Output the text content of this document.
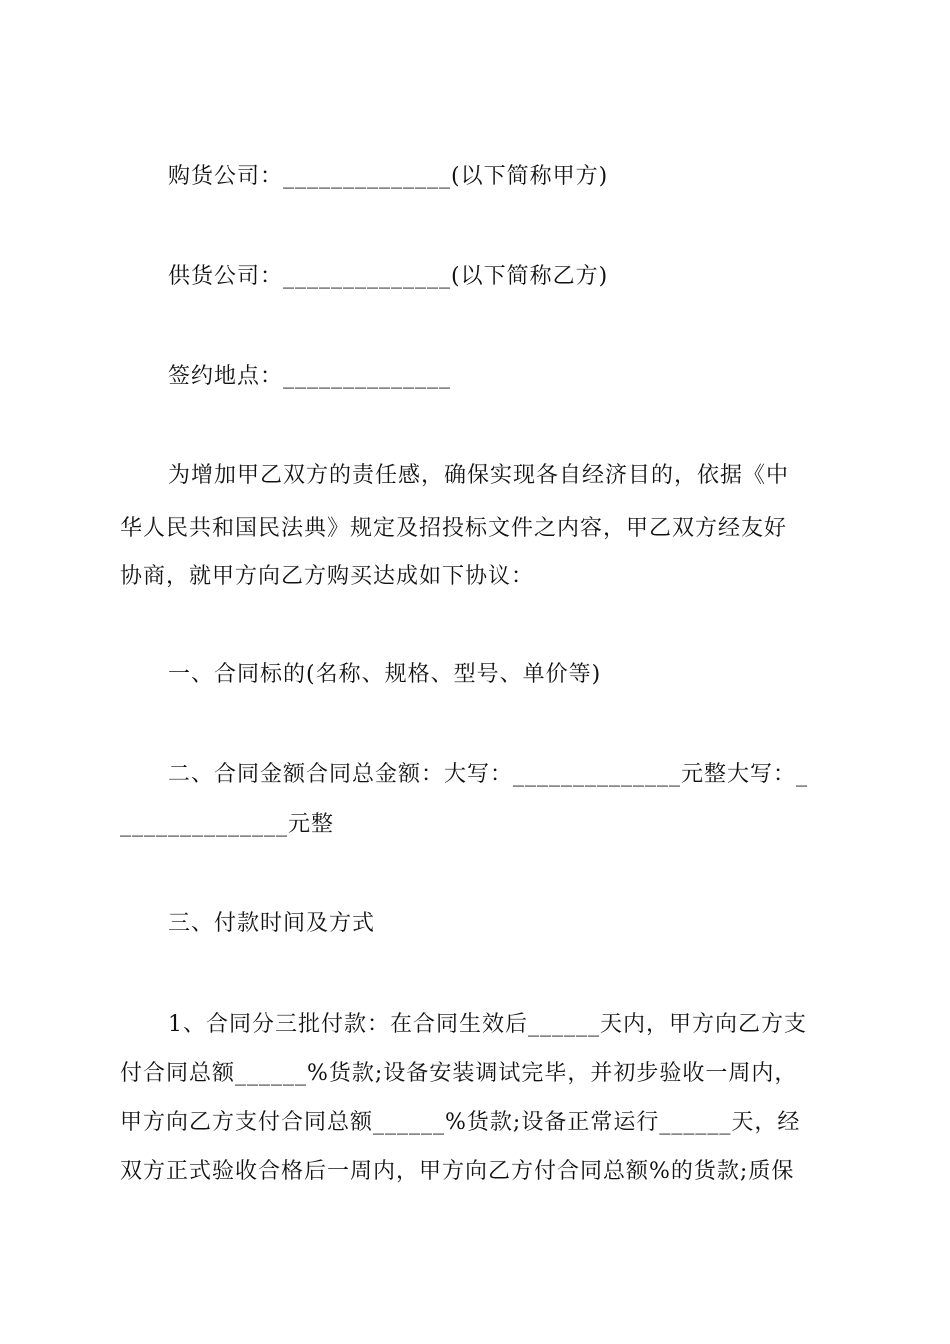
购货公司：______________(以下简称甲方)
供货公司：______________(以下简称乙方)
签约地点：______________
为增加甲乙双方的责任感，确保实现各自经济目的，依据《中
华人民共和国民法典》规定及招投标文件之内容，甲乙双方经友好
协商，就甲方向乙方购买达成如下协议：
一、合同标的(名称、规格、型号、单价等)
二、合同金额合同总金额：大写：______________元整大写：_
______________元整
三、付款时间及方式
1、合同分三批付款：在合同生效后______天内，甲方向乙方支
付合同总额______%货款;设备安装调试完毕，并初步验收一周内，
甲方向乙方支付合同总额______%货款;设备正常运行______天，经
双方正式验收合格后一周内，甲方向乙方付合同总额%的货款;质保
